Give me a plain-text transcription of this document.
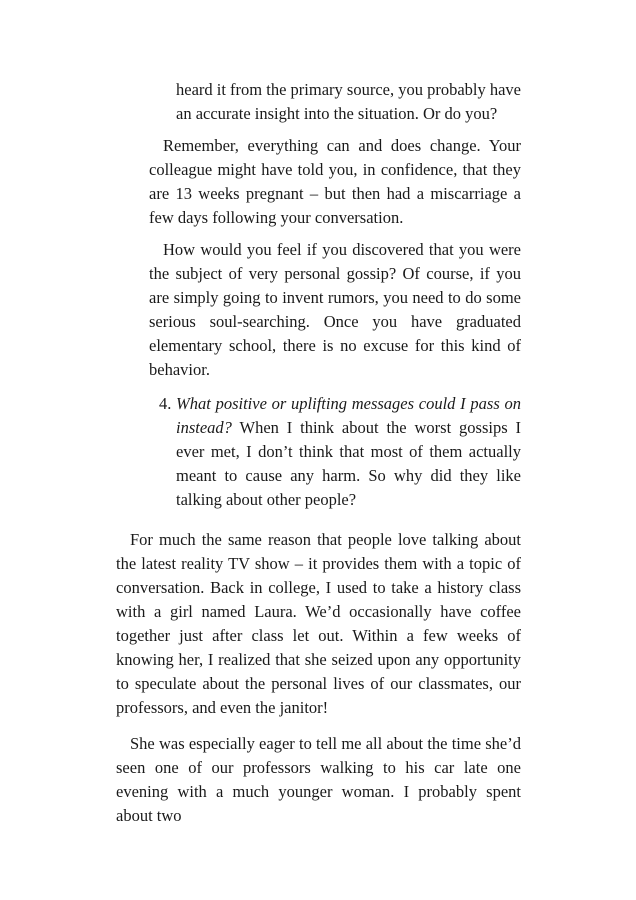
heard it from the primary source, you probably have an accurate insight into the situation. Or do you?

Remember, everything can and does change. Your colleague might have told you, in confidence, that they are 13 weeks pregnant – but then had a miscarriage a few days following your conversation.

How would you feel if you discovered that you were the subject of very personal gossip? Of course, if you are simply going to invent rumors, you need to do some serious soul-searching. Once you have graduated elementary school, there is no excuse for this kind of behavior.

4. What positive or uplifting messages could I pass on instead? When I think about the worst gossips I ever met, I don’t think that most of them actually meant to cause any harm. So why did they like talking about other people?

For much the same reason that people love talking about the latest reality TV show – it provides them with a topic of conversation. Back in college, I used to take a history class with a girl named Laura. We’d occasionally have coffee together just after class let out. Within a few weeks of knowing her, I realized that she seized upon any opportunity to speculate about the personal lives of our classmates, our professors, and even the janitor!

She was especially eager to tell me all about the time she’d seen one of our professors walking to his car late one evening with a much younger woman. I probably spent about two
